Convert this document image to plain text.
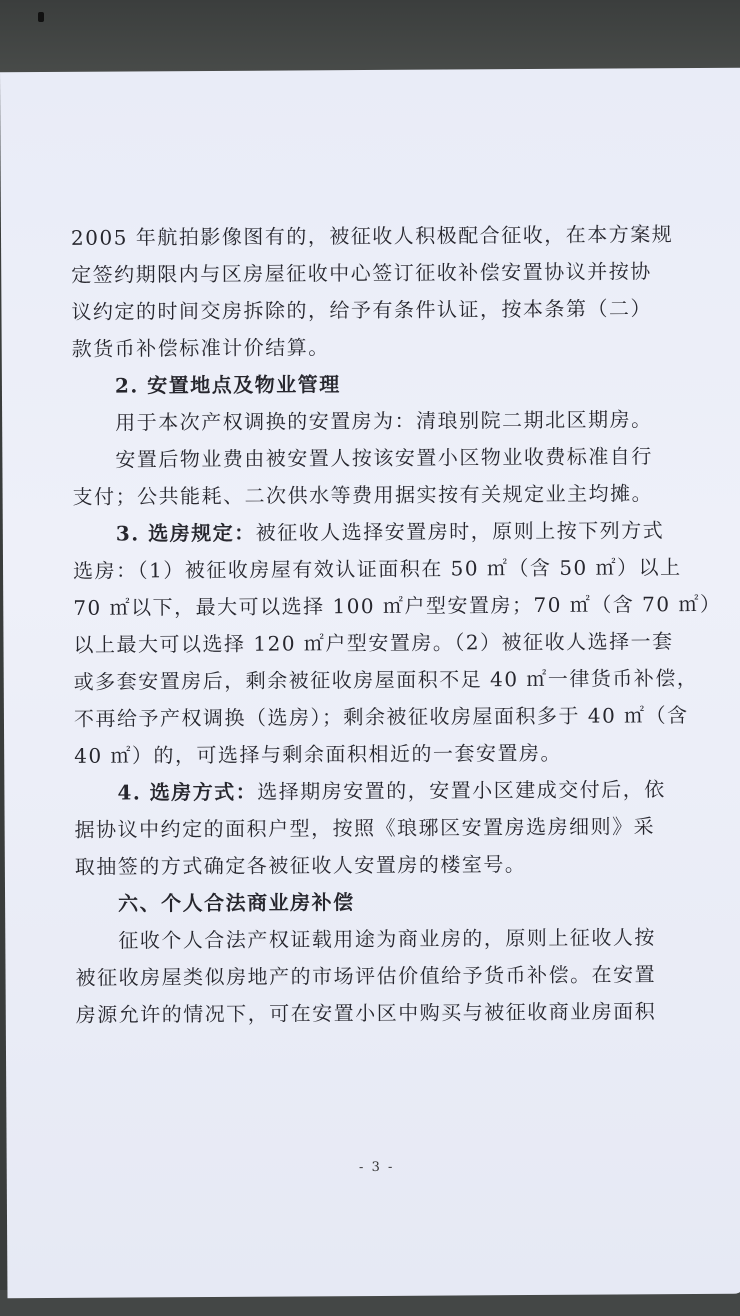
2005 年航拍影像图有的，被征收人积极配合征收，在本方案规
定签约期限内与区房屋征收中心签订征收补偿安置协议并按协
议约定的时间交房拆除的，给予有条件认证，按本条第（二）
款货币补偿标准计价结算。
2. 安置地点及物业管理
用于本次产权调换的安置房为：清琅别院二期北区期房。
安置后物业费由被安置人按该安置小区物业收费标准自行
支付；公共能耗、二次供水等费用据实按有关规定业主均摊。
3. 选房规定：被征收人选择安置房时，原则上按下列方式
选房：（1）被征收房屋有效认证面积在 50 ㎡（含 50 ㎡）以上
70 ㎡以下，最大可以选择 100 ㎡户型安置房；70 ㎡（含 70 ㎡）
以上最大可以选择 120 ㎡户型安置房。（2）被征收人选择一套
或多套安置房后，剩余被征收房屋面积不足 40 ㎡一律货币补偿，
不再给予产权调换（选房）；剩余被征收房屋面积多于 40 ㎡（含
40 ㎡）的，可选择与剩余面积相近的一套安置房。
4. 选房方式：选择期房安置的，安置小区建成交付后，依
据协议中约定的面积户型，按照《琅琊区安置房选房细则》采
取抽签的方式确定各被征收人安置房的楼室号。
六、个人合法商业房补偿
征收个人合法产权证载用途为商业房的，原则上征收人按
被征收房屋类似房地产的市场评估价值给予货币补偿。在安置
房源允许的情况下，可在安置小区中购买与被征收商业房面积
- 3 -
